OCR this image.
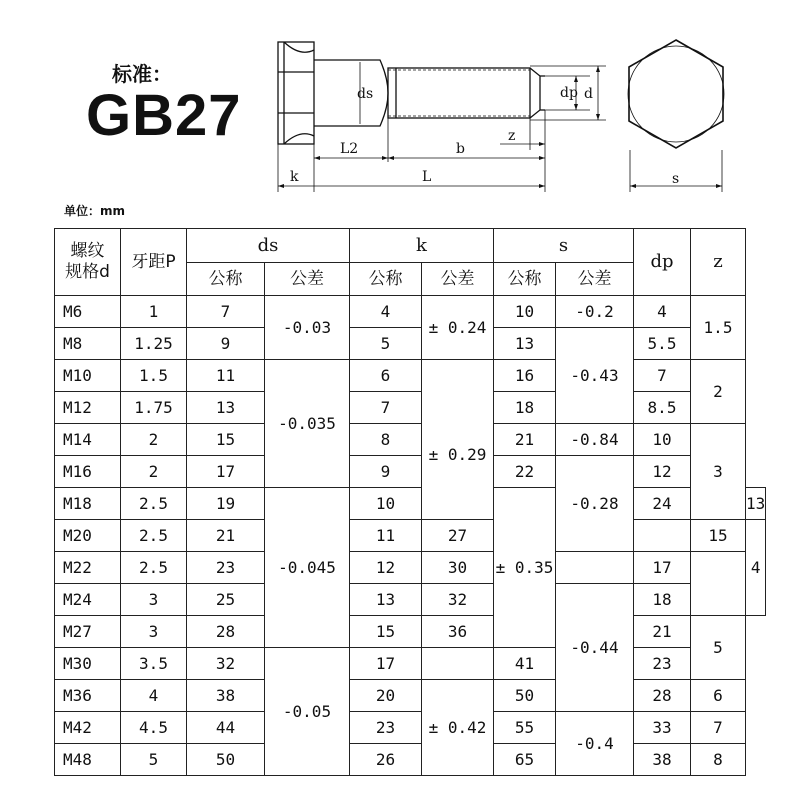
标准：
GB27
单位：mm
ds	dp d
L2	b
z
k	L	s
螺纹
规格d	牙距P	ds		k		s		dp	z	
		公称	公差	公称	公差	公称	公差			
M6	1	7	-0.03	4	± 0.24	10	-0.2	4	1.5	
M8	1.25	9		5		13	-0.43	5.5		
M10	1.5	11	-0.035	6		16		7	2	
M12	1.75	13		7	± 0.29	18		8.5		
M14	2	15		8		21	-0.84	10	3	
M16	2	17		9		22	-0.28	12		
M18	2.5	19	-0.045	10		± 0.35		24		13
M20	2.5	21		11	27				15	4
M22	2.5	23		12	30			17		
M24	3	25		13	32		-0.44	18		
M27	3	28		15	36			21	5	
M30	3.5	32	-0.05	17		41		23		
M36	4	38		20	± 0.42	50		28	6	
M42	4.5	44		23		55	-0.4	33	7	
M48	5	50		26		65		38	8	
